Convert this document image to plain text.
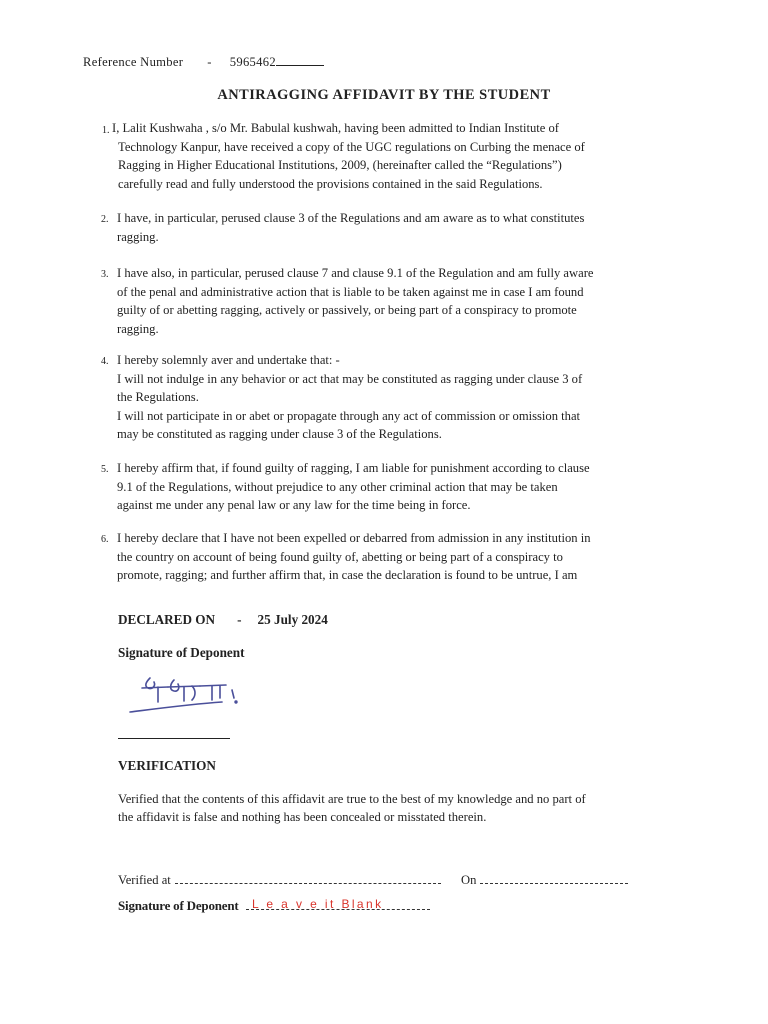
Reference Number - 5965462
ANTIRAGGING AFFIDAVIT BY THE STUDENT
1. I, Lalit Kushwaha , s/o Mr. Babulal kushwah, having been admitted to Indian Institute of
Technology Kanpur, have received a copy of the UGC regulations on Curbing the menace of
Ragging in Higher Educational Institutions, 2009, (hereinafter called the “Regulations”)
carefully read and fully understood the provisions contained in the said Regulations.
2. I have, in particular, perused clause 3 of the Regulations and am aware as to what constitutes
ragging.
3. I have also, in particular, perused clause 7 and clause 9.1 of the Regulation and am fully aware
of the penal and administrative action that is liable to be taken against me in case I am found
guilty of or abetting ragging, actively or passively, or being part of a conspiracy to promote
ragging.
4. I hereby solemnly aver and undertake that: -
I will not indulge in any behavior or act that may be constituted as ragging under clause 3 of
the Regulations.
I will not participate in or abet or propagate through any act of commission or omission that
may be constituted as ragging under clause 3 of the Regulations.
5. I hereby affirm that, if found guilty of ragging, I am liable for punishment according to clause
9.1 of the Regulations, without prejudice to any other criminal action that may be taken
against me under any penal law or any law for the time being in force.
6. I hereby declare that I have not been expelled or debarred from admission in any institution in
the country on account of being found guilty of, abetting or being part of a conspiracy to
promote, ragging; and further affirm that, in case the declaration is found to be untrue, I am
DECLARED ON - 25 July 2024
Signature of Deponent
VERIFICATION
Verified that the contents of this affidavit are true to the best of my knowledge and no part of
the affidavit is false and nothing has been concealed or misstated therein.
Verified at	On
Signature of Deponent L e a v e it Blank
